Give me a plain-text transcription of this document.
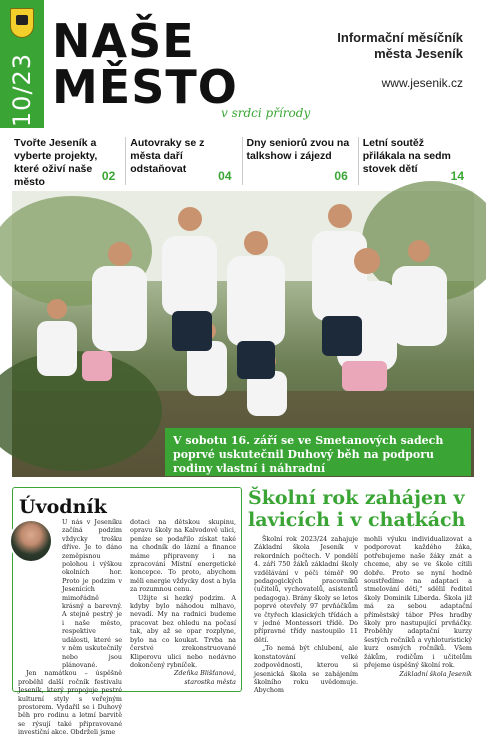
10/23
NAŠE
MĚSTO
v srdci přírody
Informační měsíčník
města Jeseník
www.jesenik.cz
Tvořte Jeseník a vyberte projekty, které oživí naše město	02
Autovraky se z města daří odstaňovat	04
Dny seniorů zvou na talkshow i zájezd
06
Letní soutěž přilákala na sedm stovek dětí	14
V sobotu 16. září se ve Smetanových sadech poprvé uskutečnil Duhový běh na podporu rodiny vlastní i náhradní
Úvodník

U nás v Jeseníku začíná podzim vždycky trošku dříve. Je to dáno zeměpisnou polohou i výškou okolních hor. Proto je podzim v Jesenících mimořádně krásný a barevný. A stejně pestrý je i naše město, respektive události, které se v něm uskutečnily nebo jsou plánované.

Jen namátkou – úspěšně proběhl další ročník festivalu Jeseník, který propojuje pestré kulturní styly s veřejným prostorem. Vydařil se i Duhový běh pro rodinu a letmí barvitě se rýsují také připravované investiční akce. Obdrželi jsme

dotaci na dětskou skupinu, opravu školy na Kalvodově ulici, peníze se podařilo získat také na chodník do lázní a finance máme připraveny i na zpracování Místní energetické koncepce. To proto, abychom měli energie vždycky dost a byla za rozumnou cenu.

Užijte si hezký podzim. A kdyby bylo náhodou mlhavo, nevadí. My na radnici budeme pracovat bez ohledu na počasí tak, aby až se opar rozplyne, bylo na co koukat. Trvba na čerstvé zrekonstruované Kliperovu ulici nebo nedávno dokončený rybníček.

Zdeňka Blišťanová,

starostka města

Školní rok zahájen v lavicích i v chatkách

Školní rok 2023/24 zahajuje Základní škola Jeseník v rekordních počtech. V pondělí 4. září 750 žáků základní školy vzdělávání v péči téměř 90 pedagogických pracovníků (učitelů, vychovatelů, asistentů pedagoga). Brány školy se letos poprvé otevřely 97 prvňáčkům ve čtyřech klasických třídách a v jedné Montessori třídě. Do přípravné třídy nastoupilo 11 dětí.

„To nemá být chlubení, ale konstatování velké zodpovědnosti, kterou si jesenická škola se zahájením školního roku uvědomuje. Abychom

mohli výuku individualizovat a podporovat každého žáka, potřebujeme naše žáky znát a chceme, aby se ve škole cítili dobře. Proto se nyní hodně soustředíme na adaptaci a stmelování dětí," sdělil ředitel školy Dominik Liberda. Škola již má za sebou adaptační příměstský tábor Přes hradby školy pro nastupující prvňáčky. Proběhly adaptační kurzy šestých ročníků a vyhloturistický kurz osmých ročníků. Všem žákům, rodičům i učitelům přejeme úspěšný školní rok.

Základní škola Jeseník
